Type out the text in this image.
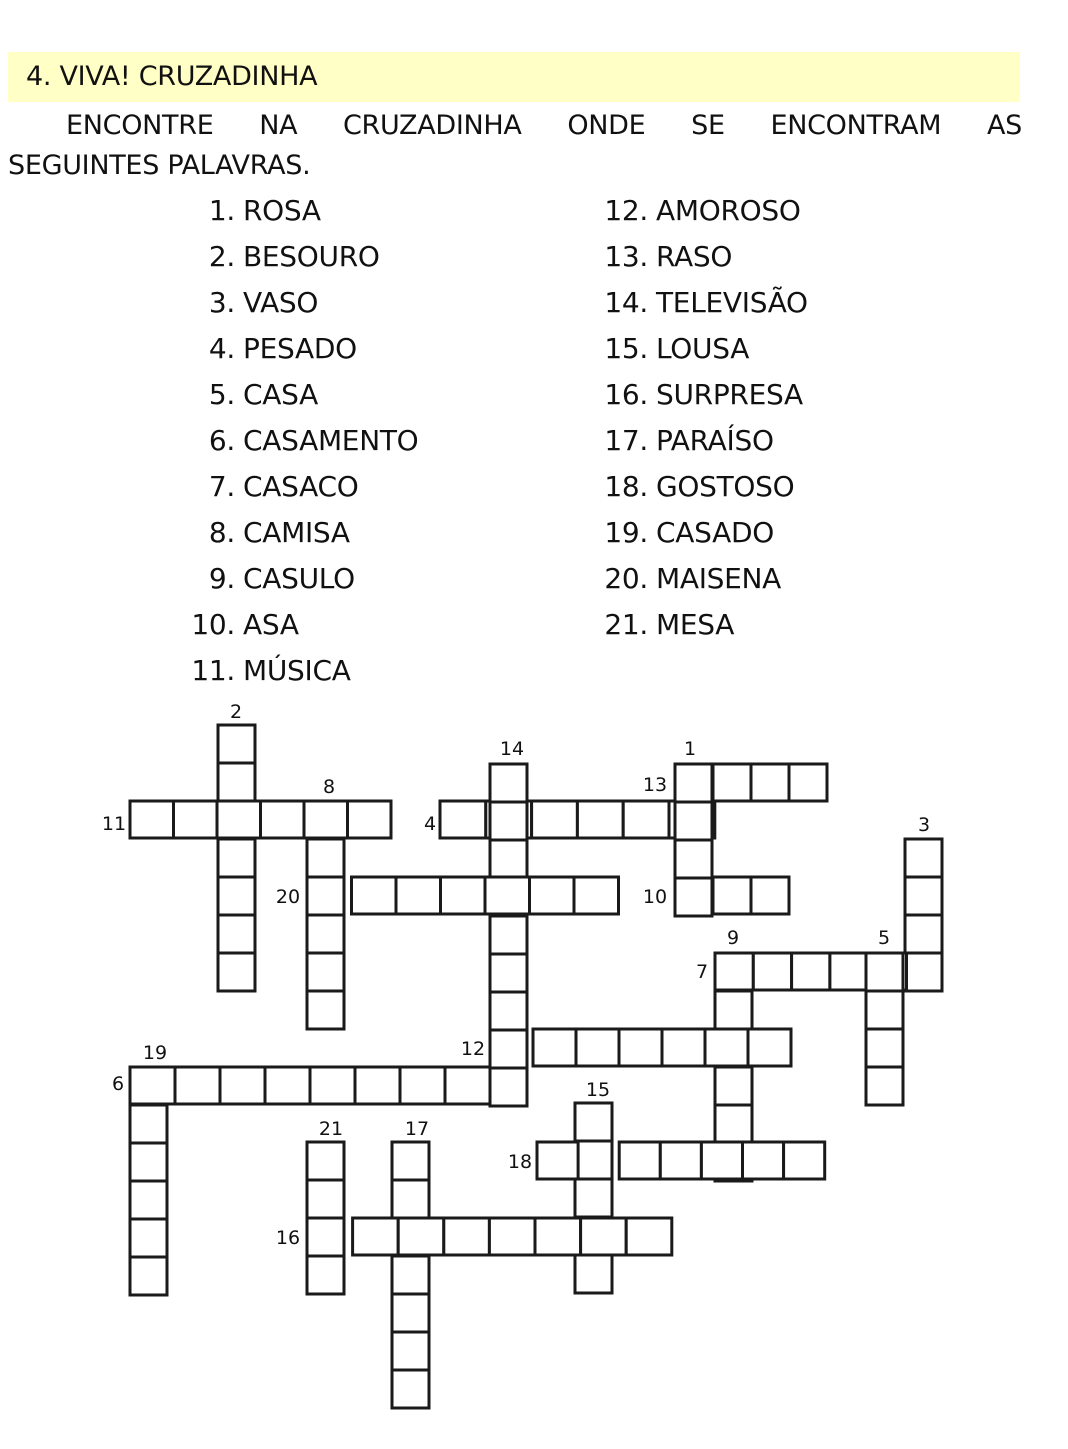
4. VIVA! CRUZADINHA
ENCONTRE NA CRUZADINHA ONDE SE ENCONTRAM AS
SEGUINTES PALAVRAS.
1. ROSA
2. BESOURO
3. VASO
4. PESADO
5. CASA
6. CASAMENTO
7. CASACO
8. CAMISA
9. CASULO
10. ASA
11. MÚSICA
12. AMOROSO
13. RASO
14. TELEVISÃO
15. LOUSA
16. SURPRESA
17. PARAÍSO
18. GOSTOSO
19. CASADO
20. MAISENA
21. MESA
1
2
3
4
5
6
7
8
9
10
11
12
13
14
15
16
17
18
19
20
21
